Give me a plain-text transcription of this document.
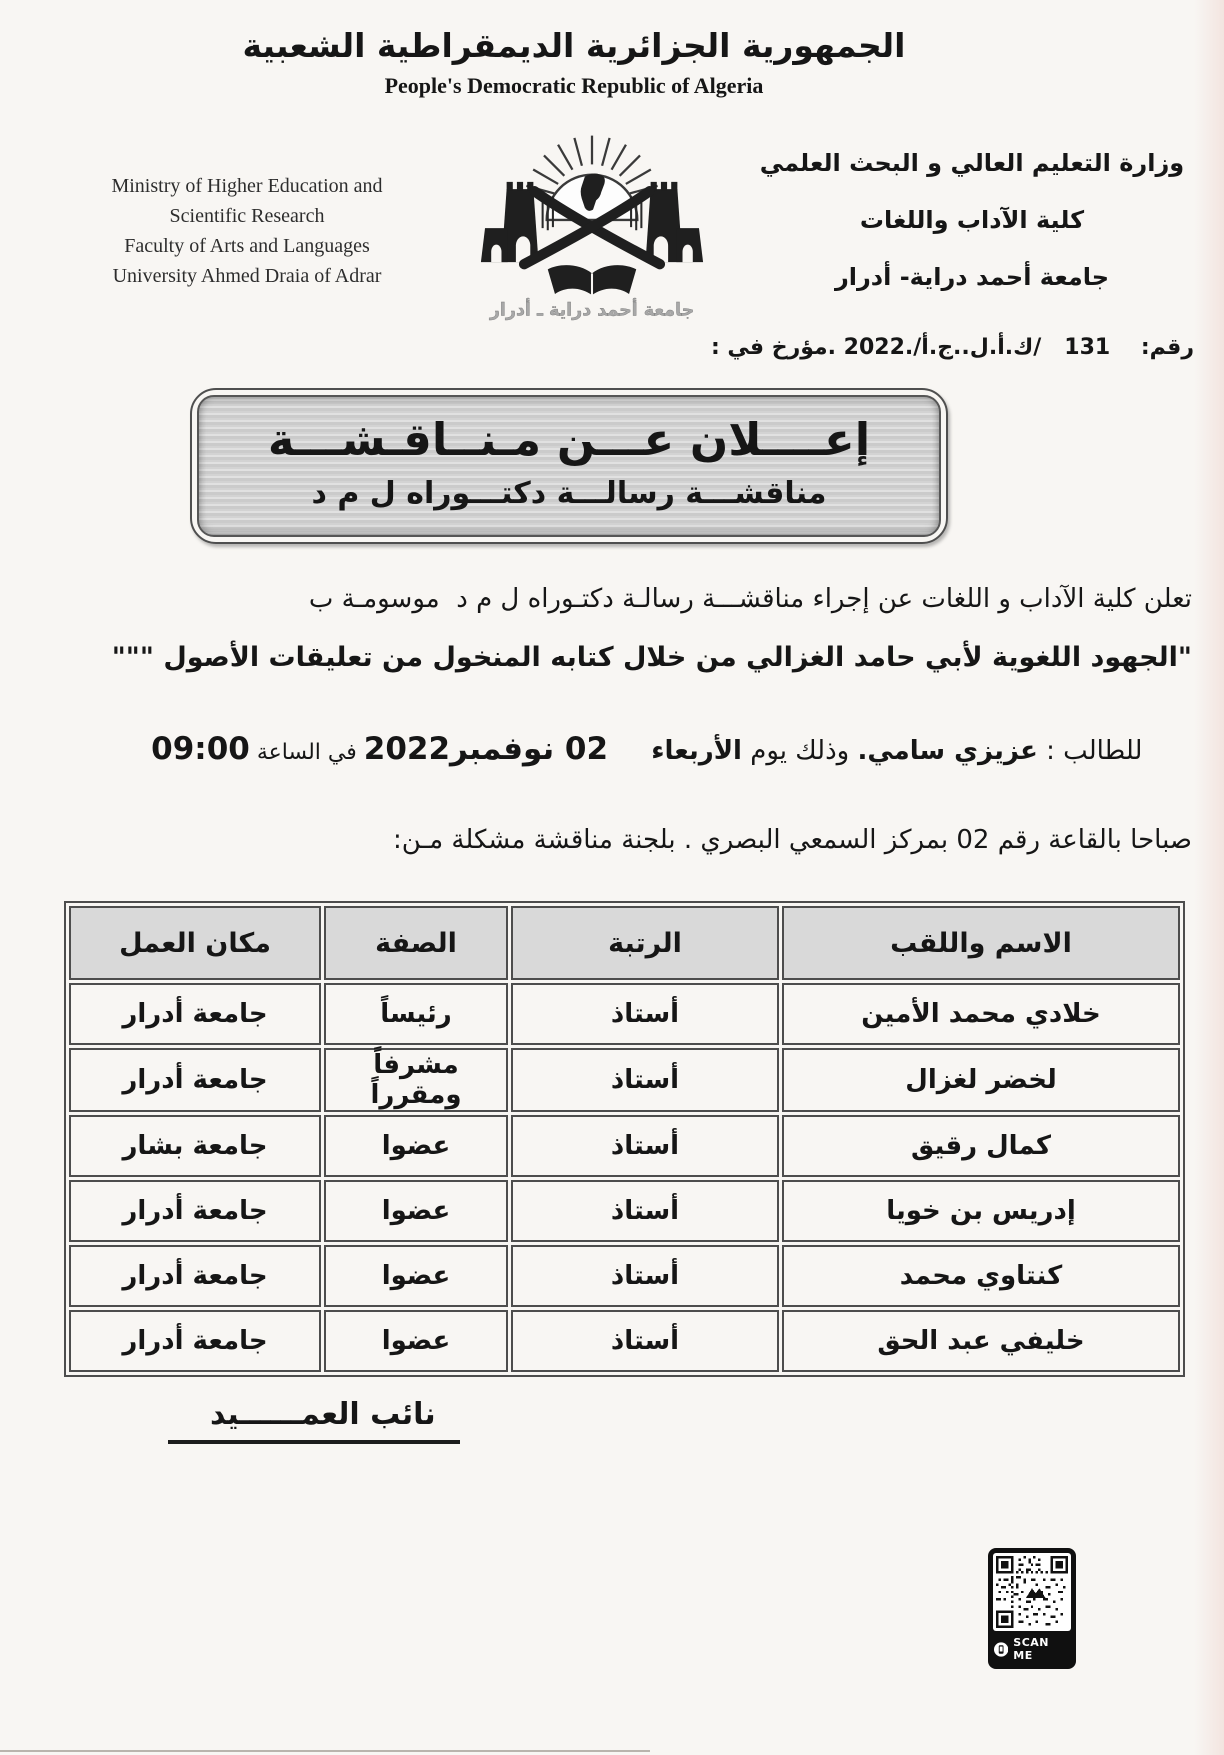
الجمهورية الجزائرية الديمقراطية الشعبية
People's Democratic Republic of Algeria
Ministry of Higher Education and
Scientific Research
Faculty of Arts and Languages
University Ahmed Draia of Adrar
جامعة أحمد دراية ـ أدرار
وزارة التعليم العالي و البحث العلمي
كلية الآداب واللغات
جامعة أحمد دراية- أدرار
رقم:    131   /ك.أ.ل..ج.أ/.2022 .مؤرخ في :
إعــــلان عـــن مـنــاقـشـــة
مناقشـــة رسالـــة دكتـــوراه ل م د
تعلن كلية الآداب و اللغات عن إجراء مناقشـــة رسالـة دكتـوراه ل م د  موسومـة ب
"الجهود اللغوية لأبي حامد الغزالي من خلال كتابه المنخول من تعليقات الأصول """

للطالب : عزيزي سامي. وذلك يوم الأربعاء    02 نوفمبر2022 في الساعة 09:00

صباحا بالقاعة رقم 02 بمركز السمعي البصري . بلجنة مناقشة مشكلة مـن:
الاسم واللقب	الرتبة	الصفة	مكان العمل
خلادي محمد الأمين	أستاذ	رئيساً	جامعة أدرار
لخضر لغزال	أستاذ	مشرفاً ومقرراً	جامعة أدرار
كمال رقيق	أستاذ	عضوا	جامعة بشار
إدريس بن خويا	أستاذ	عضوا	جامعة أدرار
كنتاوي محمد	أستاذ	عضوا	جامعة أدرار
خليفي عبد الحق	أستاذ	عضوا	جامعة أدرار
نائب العمــــــيد
SCAN ME
